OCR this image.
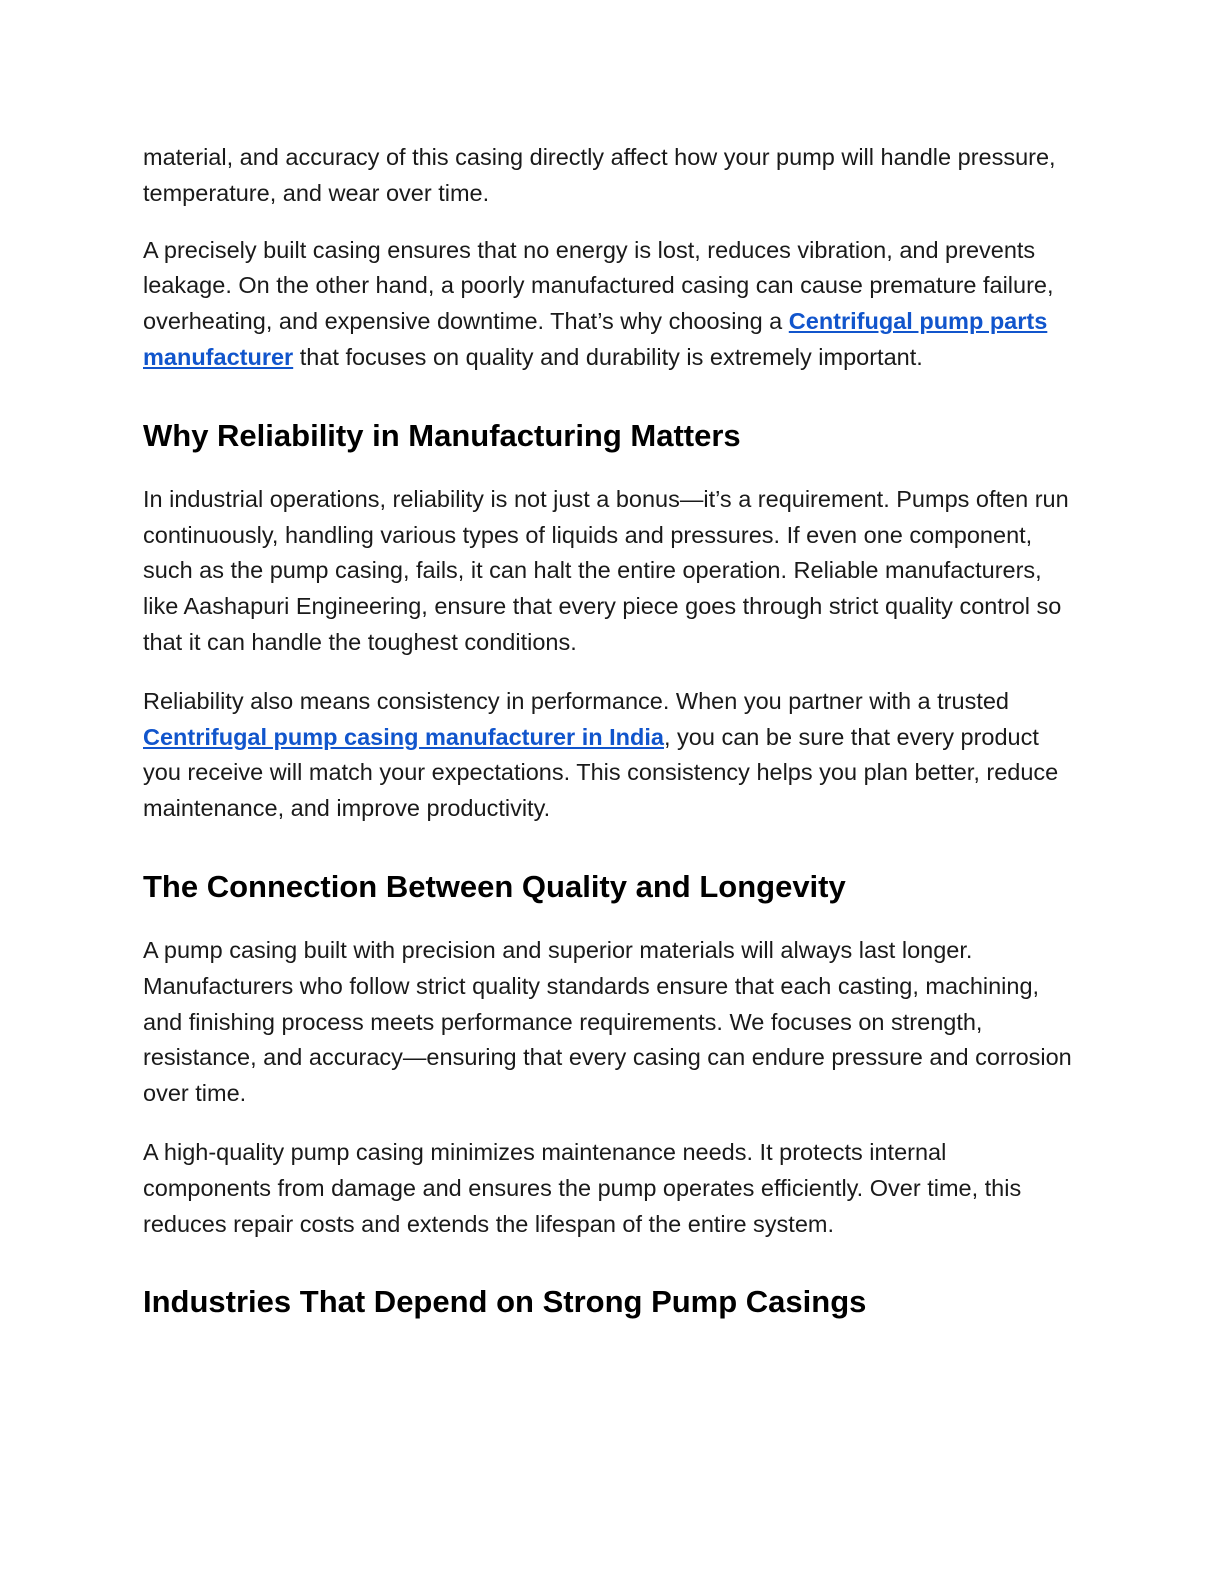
material, and accuracy of this casing directly affect how your pump will handle pressure, temperature, and wear over time.

A precisely built casing ensures that no energy is lost, reduces vibration, and prevents leakage. On the other hand, a poorly manufactured casing can cause premature failure, overheating, and expensive downtime. That’s why choosing a Centrifugal pump parts manufacturer that focuses on quality and durability is extremely important.

Why Reliability in Manufacturing Matters

In industrial operations, reliability is not just a bonus—it’s a requirement. Pumps often run continuously, handling various types of liquids and pressures. If even one component, such as the pump casing, fails, it can halt the entire operation. Reliable manufacturers, like Aashapuri Engineering, ensure that every piece goes through strict quality control so that it can handle the toughest conditions.

Reliability also means consistency in performance. When you partner with a trusted Centrifugal pump casing manufacturer in India, you can be sure that every product you receive will match your expectations. This consistency helps you plan better, reduce maintenance, and improve productivity.

The Connection Between Quality and Longevity

A pump casing built with precision and superior materials will always last longer. Manufacturers who follow strict quality standards ensure that each casting, machining, and finishing process meets performance requirements. We focuses on strength, resistance, and accuracy—ensuring that every casing can endure pressure and corrosion over time.

A high-quality pump casing minimizes maintenance needs. It protects internal components from damage and ensures the pump operates efficiently. Over time, this reduces repair costs and extends the lifespan of the entire system.

Industries That Depend on Strong Pump Casings
